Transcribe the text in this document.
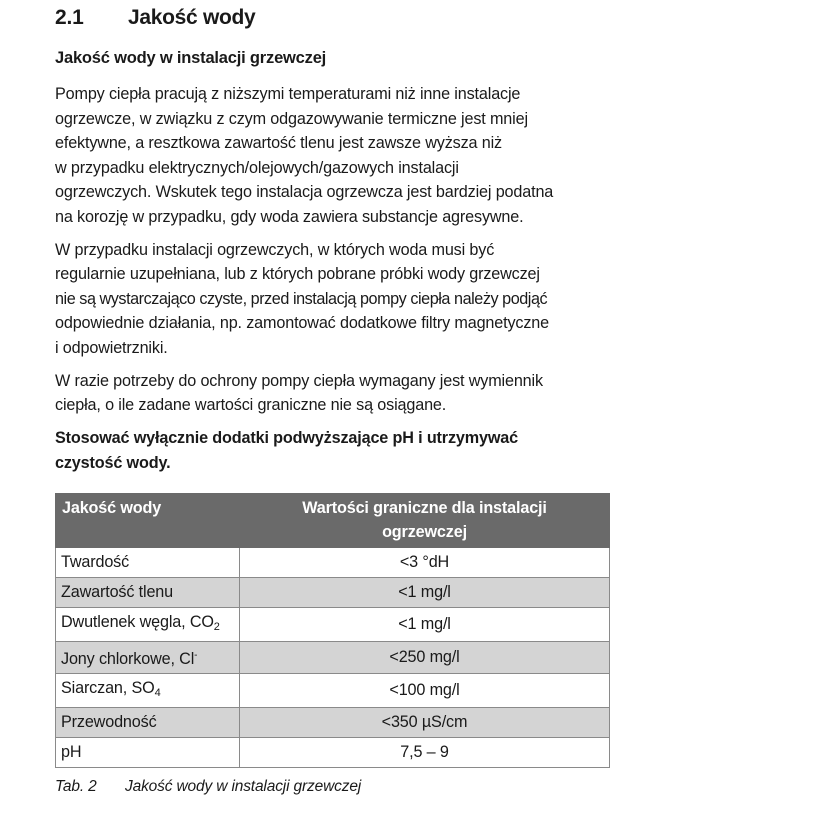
2.1	Jakość wody
Jakość wody w instalacji grzewczej
Pompy ciepła pracują z niższymi temperaturami niż inne instalacje
ogrzewcze, w związku z czym odgazowywanie termiczne jest mniej
efektywne, a resztkowa zawartość tlenu jest zawsze wyższa niż
w przypadku elektrycznych/olejowych/gazowych instalacji
ogrzewczych. Wskutek tego instalacja ogrzewcza jest bardziej podatna
na korozję w przypadku, gdy woda zawiera substancje agresywne.
W przypadku instalacji ogrzewczych, w których woda musi być
regularnie uzupełniana, lub z których pobrane próbki wody grzewczej
nie są wystarczająco czyste, przed instalacją pompy ciepła należy podjąć
odpowiednie działania, np. zamontować dodatkowe filtry magnetyczne
i odpowietrzniki.
W razie potrzeby do ochrony pompy ciepła wymagany jest wymiennik
ciepła, o ile zadane wartości graniczne nie są osiągane.
Stosować wyłącznie dodatki podwyższające pH i utrzymywać
czystość wody.
Jakość wody	Wartości graniczne dla instalacji
ogrzewczej
Twardość	<3 °dH
Zawartość tlenu	<1 mg/l
Dwutlenek węgla, $CO_2$	<1 mg/l
Jony chlorkowe, Cl-	<250 mg/l
Siarczan, $SO_4$	<100 mg/l
Przewodność	<350 µS/cm
pH	7,5 – 9
Tab. 2	Jakość wody w instalacji grzewczej
